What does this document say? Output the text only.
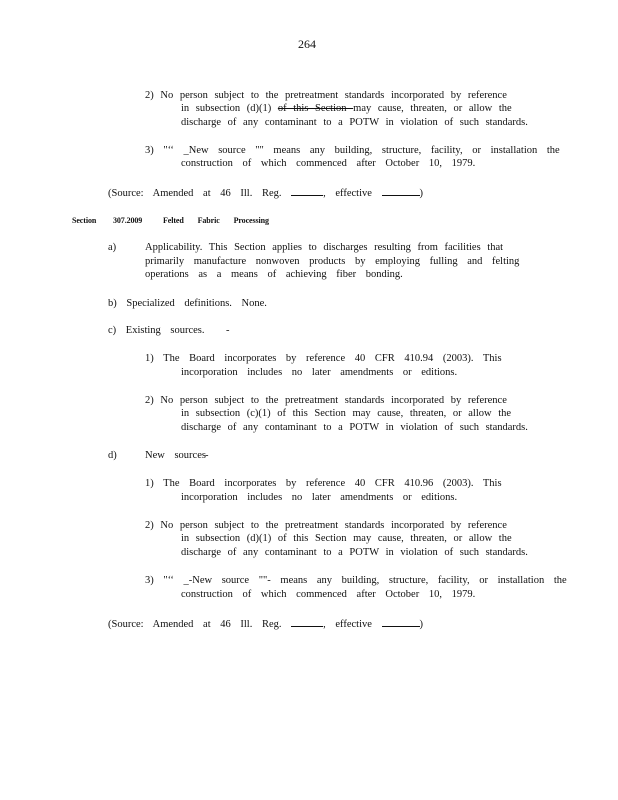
264
2) No person subject to the pretreatment standards incorporated by reference
in subsection (d)(1) of this Section may cause, threaten, or allow the
discharge of any contaminant to a POTW in violation of such standards.
3) "‘‘ _New source "" means any building, structure, facility, or installation the
construction of which commenced after October 10, 1979.
(Source: Amended at 46 Ill. Reg.	, effective	)
Section 307.2009	Felted Fabric Processing
a)	Applicability. This Section applies to discharges resulting from facilities that
primarily manufacture nonwoven products by employing fulling and felting
operations as a means of achieving fiber bonding.
b) Specialized definitions. None.
c) Existing sources. -
1) The Board incorporates by reference 40 CFR 410.94 (2003). This
incorporation includes no later amendments or editions.
2) No person subject to the pretreatment standards incorporated by reference
in subsection (c)(1) of this Section may cause, threaten, or allow the
discharge of any contaminant to a POTW in violation of such standards.
d)	New sources -
1) The Board incorporates by reference 40 CFR 410.96 (2003). This
incorporation includes no later amendments or editions.
2) No person subject to the pretreatment standards incorporated by reference
in subsection (d)(1) of this Section may cause, threaten, or allow the
discharge of any contaminant to a POTW in violation of such standards.
3) "‘‘ _-New source ""- means any building, structure, facility, or installation the
construction of which commenced after October 10, 1979.
(Source: Amended at 46 Ill. Reg.	, effective	)
